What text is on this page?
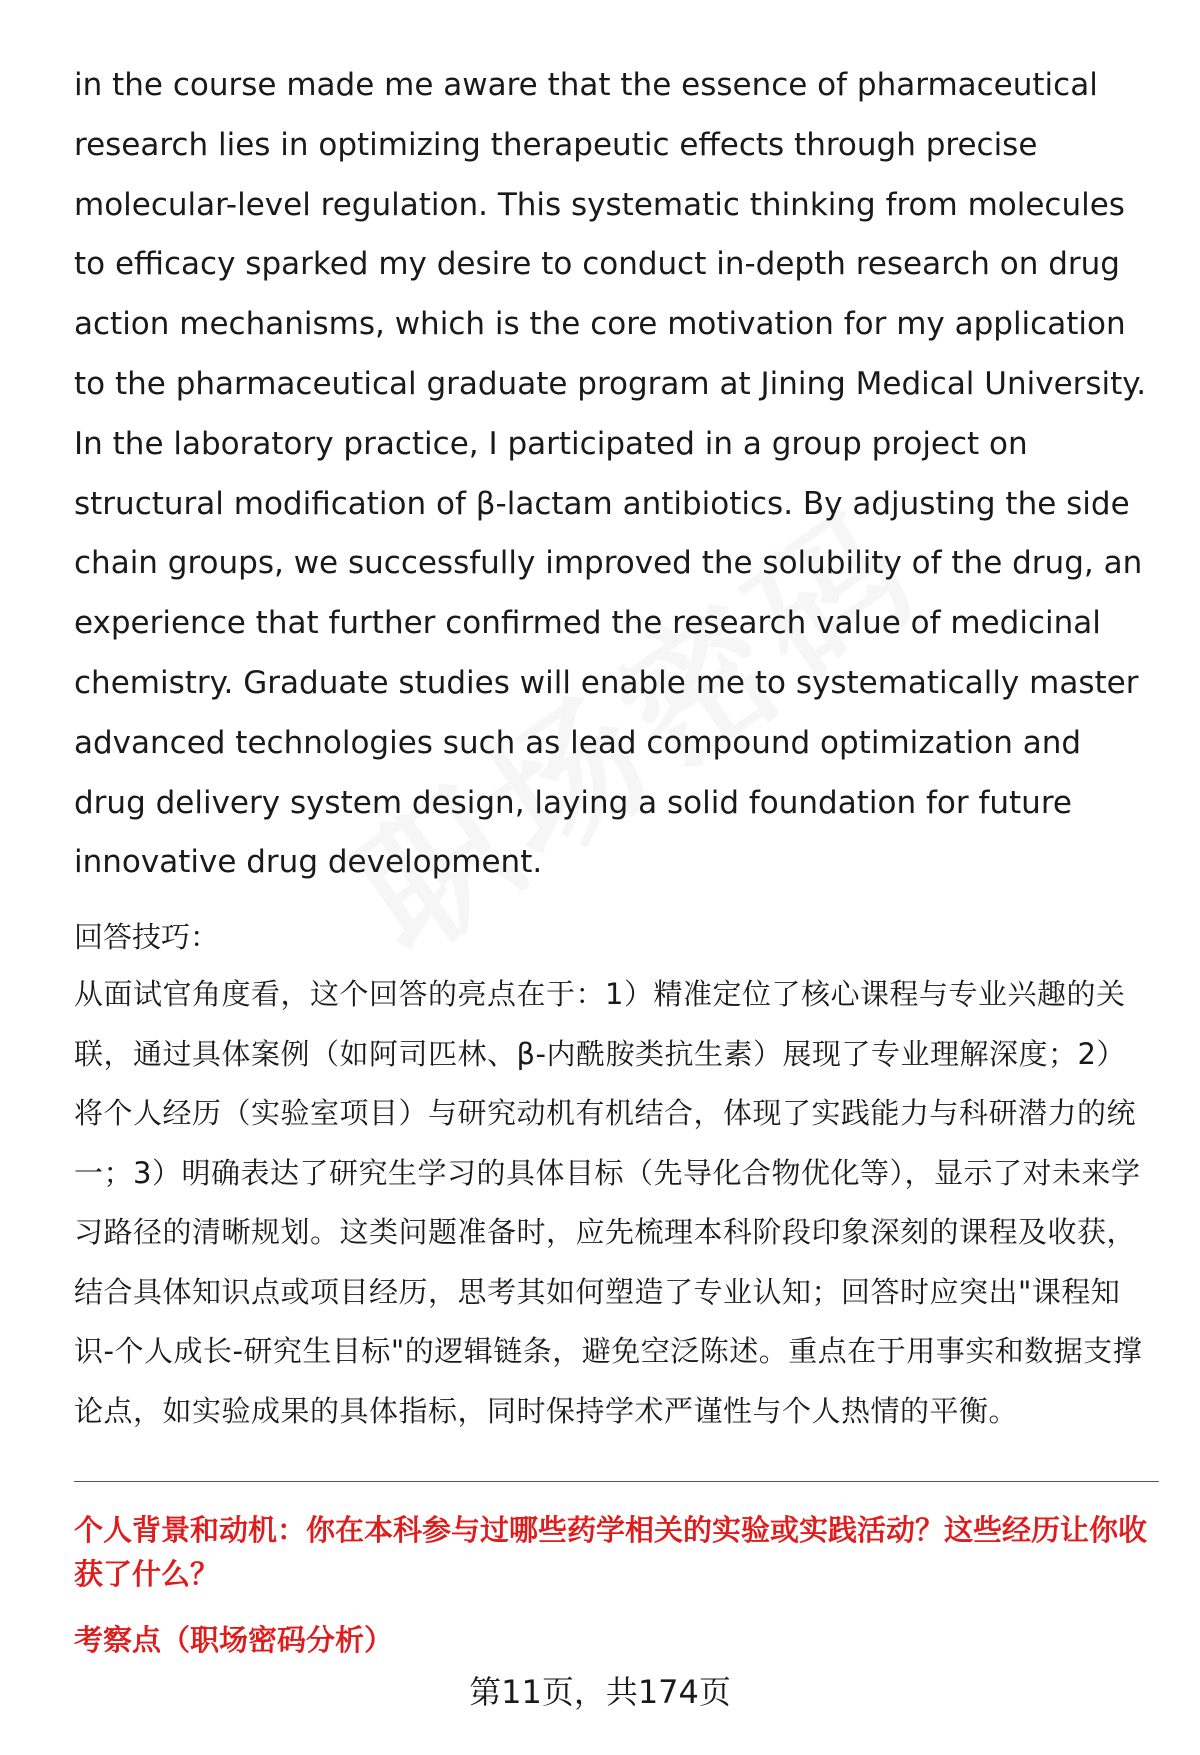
in the course made me aware that the essence of pharmaceutical research lies in optimizing therapeutic effects through precise molecular-level regulation. This systematic thinking from molecules to efficacy sparked my desire to conduct in-depth research on drug action mechanisms, which is the core motivation for my application to the pharmaceutical graduate program at Jining Medical University. In the laboratory practice, I participated in a group project on structural modification of β-lactam antibiotics. By adjusting the side chain groups, we successfully improved the solubility of the drug, an experience that further confirmed the research value of medicinal chemistry. Graduate studies will enable me to systematically master advanced technologies such as lead compound optimization and drug delivery system design, laying a solid foundation for future innovative drug development.

回答技巧：

从面试官角度看，这个回答的亮点在于：1）精准定位了核心课程与专业兴趣的关联，通过具体案例（如阿司匹林、β-内酰胺类抗生素）展现了专业理解深度；2）将个人经历（实验室项目）与研究动机有机结合，体现了实践能力与科研潜力的统一；3）明确表达了研究生学习的具体目标（先导化合物优化等），显示了对未来学习路径的清晰规划。这类问题准备时，应先梳理本科阶段印象深刻的课程及收获，结合具体知识点或项目经历，思考其如何塑造了专业认知；回答时应突出"课程知识-个人成长-研究生目标"的逻辑链条，避免空泛陈述。重点在于用事实和数据支撑论点，如实验成果的具体指标，同时保持学术严谨性与个人热情的平衡。

个人背景和动机：你在本科参与过哪些药学相关的实验或实践活动？这些经历让你收获了什么？

考察点（职场密码分析）

第11页，共174页
